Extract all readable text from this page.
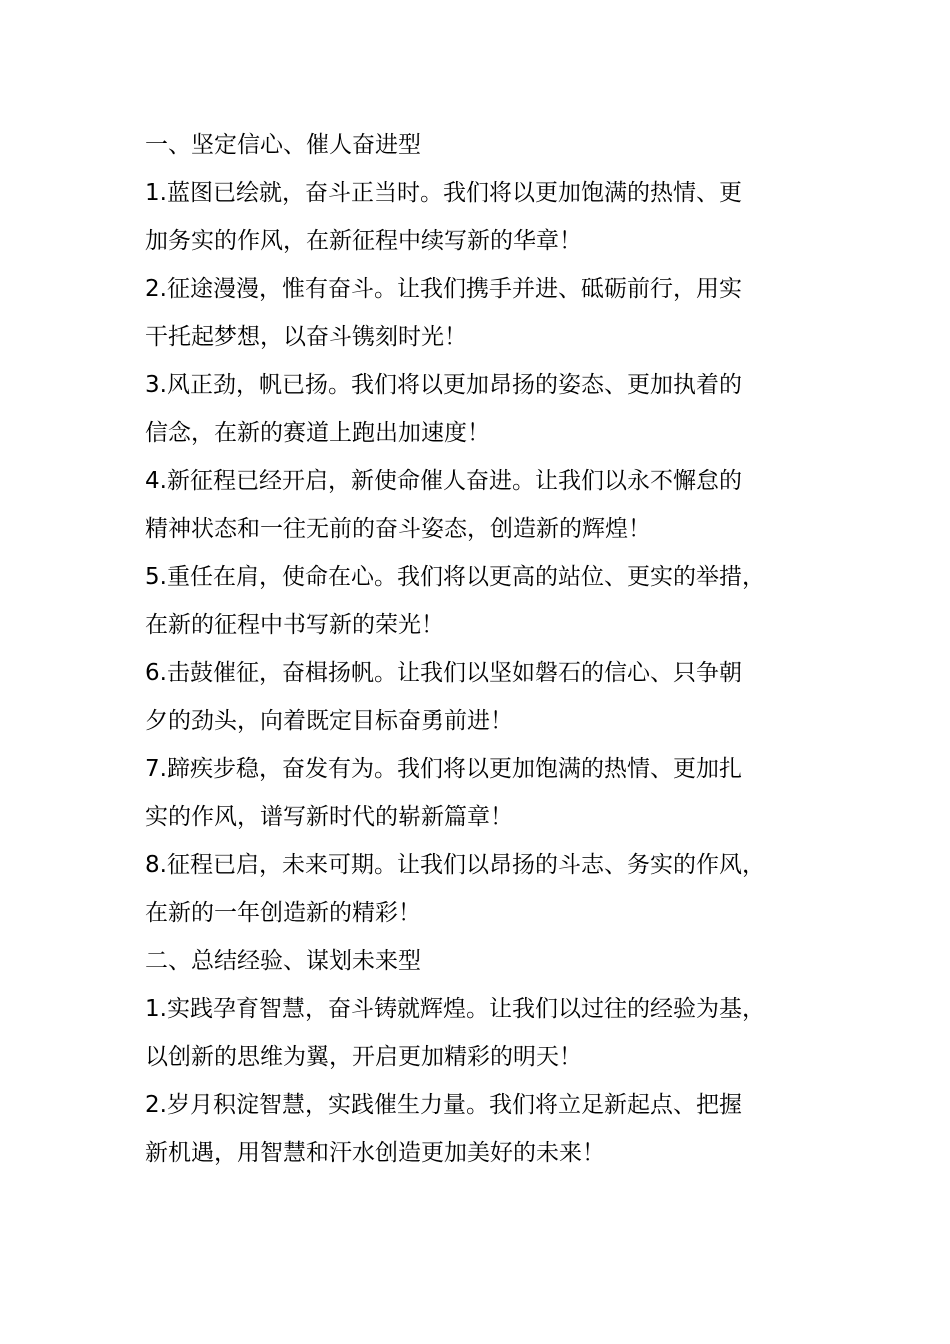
一、坚定信心、催人奋进型
1.蓝图已绘就，奋斗正当时。我们将以更加饱满的热情、更
加务实的作风，在新征程中续写新的华章！
2.征途漫漫，惟有奋斗。让我们携手并进、砥砺前行，用实
干托起梦想，以奋斗镌刻时光！
3.风正劲，帆已扬。我们将以更加昂扬的姿态、更加执着的
信念，在新的赛道上跑出加速度！
4.新征程已经开启，新使命催人奋进。让我们以永不懈怠的
精神状态和一往无前的奋斗姿态，创造新的辉煌！
5.重任在肩，使命在心。我们将以更高的站位、更实的举措，
在新的征程中书写新的荣光！
6.击鼓催征，奋楫扬帆。让我们以坚如磐石的信心、只争朝
夕的劲头，向着既定目标奋勇前进！
7.蹄疾步稳，奋发有为。我们将以更加饱满的热情、更加扎
实的作风，谱写新时代的崭新篇章！
8.征程已启，未来可期。让我们以昂扬的斗志、务实的作风，
在新的一年创造新的精彩！
二、总结经验、谋划未来型
1.实践孕育智慧，奋斗铸就辉煌。让我们以过往的经验为基，
以创新的思维为翼，开启更加精彩的明天！
2.岁月积淀智慧，实践催生力量。我们将立足新起点、把握
新机遇，用智慧和汗水创造更加美好的未来！
